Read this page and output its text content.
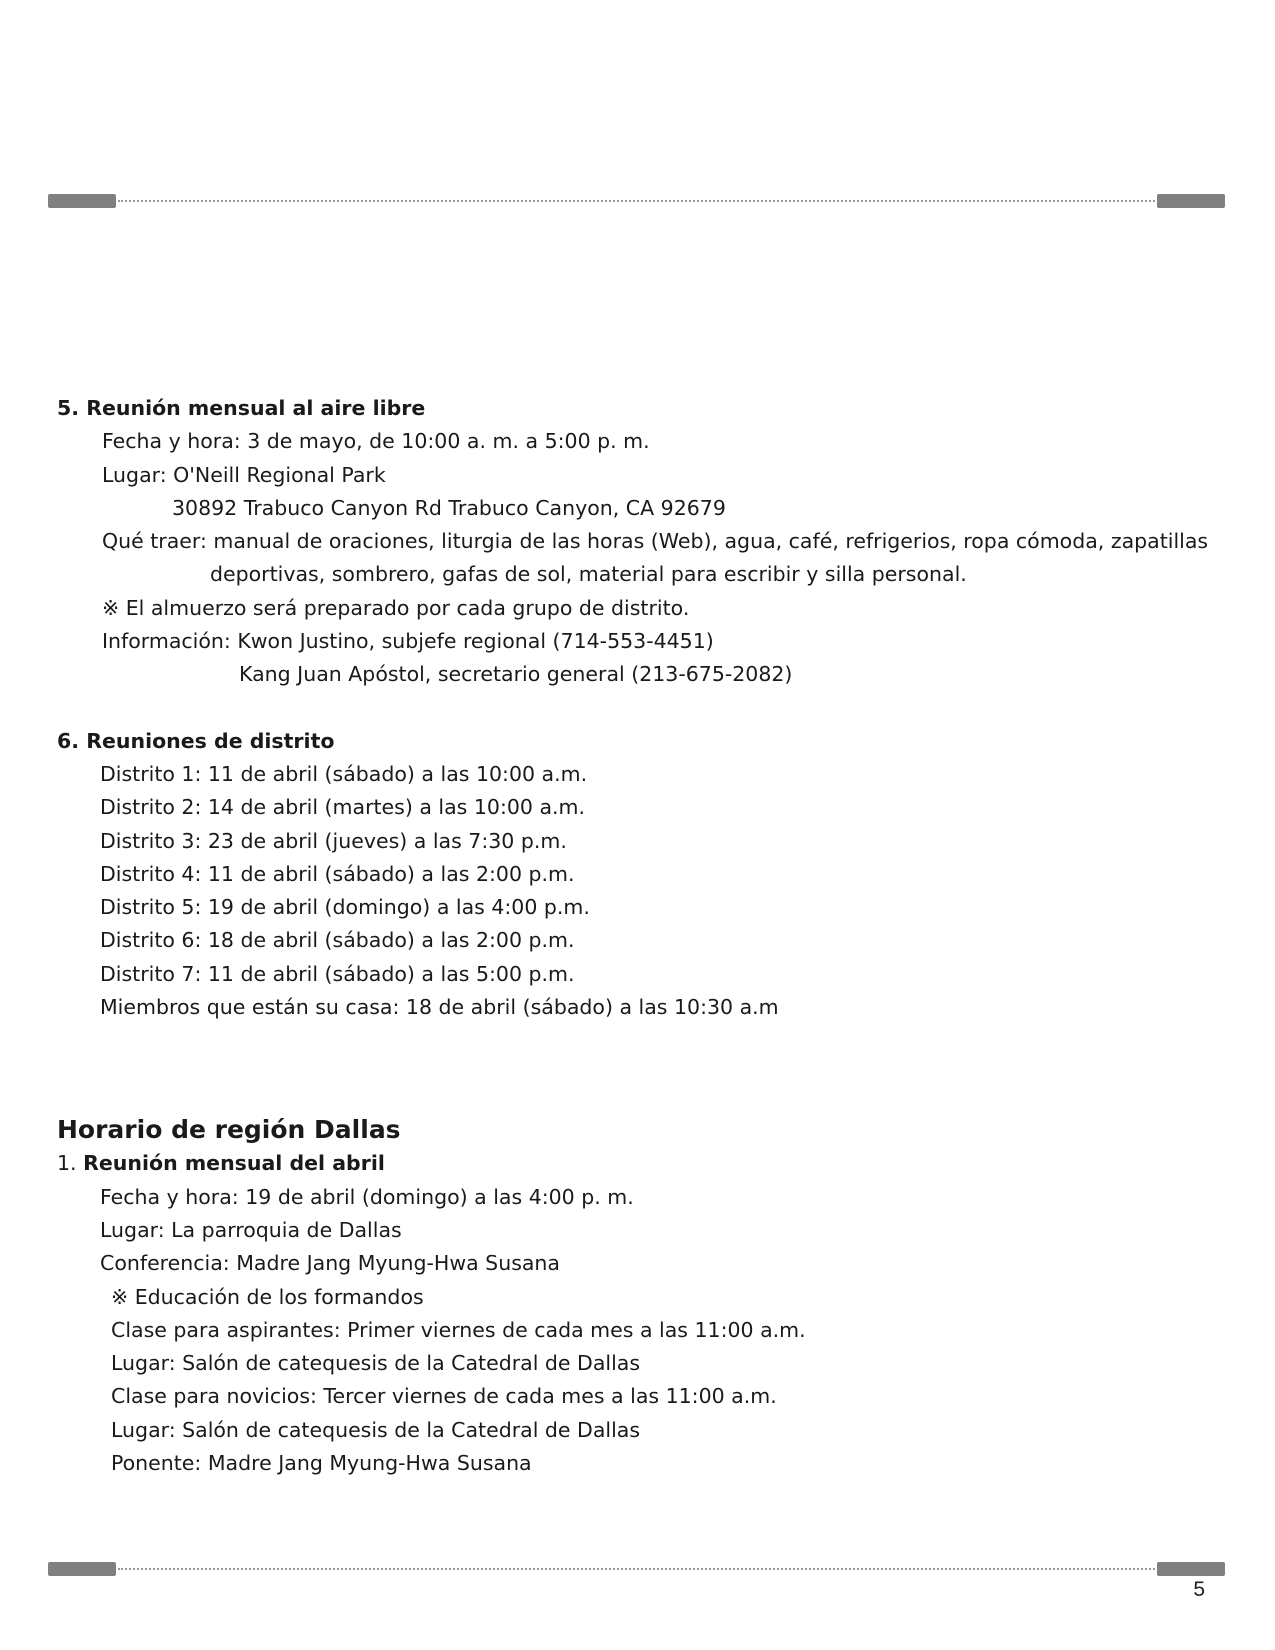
5. Reunión mensual al aire libre

Fecha y hora: 3 de mayo, de 10:00 a. m. a 5:00 p. m.

Lugar: O'Neill Regional Park

30892 Trabuco Canyon Rd Trabuco Canyon, CA 92679

Qué traer: manual de oraciones, liturgia de las horas (Web), agua, café, refrigerios, ropa cómoda, zapatillas

deportivas, sombrero, gafas de sol, material para escribir y silla personal.

※ El almuerzo será preparado por cada grupo de distrito.

Información: Kwon Justino, subjefe regional (714-553-4451)

Kang Juan Apóstol, secretario general (213-675-2082)

6. Reuniones de distrito

Distrito 1: 11 de abril (sábado) a las 10:00 a.m.

Distrito 2: 14 de abril (martes) a las 10:00 a.m.

Distrito 3: 23 de abril (jueves) a las 7:30 p.m.

Distrito 4: 11 de abril (sábado) a las 2:00 p.m.

Distrito 5: 19 de abril (domingo) a las 4:00 p.m.

Distrito 6: 18 de abril (sábado) a las 2:00 p.m.

Distrito 7: 11 de abril (sábado) a las 5:00 p.m.

Miembros que están su casa: 18 de abril (sábado) a las 10:30 a.m

Horario de región Dallas

1. Reunión mensual del abril

Fecha y hora: 19 de abril (domingo) a las 4:00 p. m.

Lugar: La parroquia de Dallas

Conferencia: Madre Jang Myung-Hwa Susana

※ Educación de los formandos

Clase para aspirantes: Primer viernes de cada mes a las 11:00 a.m.

Lugar: Salón de catequesis de la Catedral de Dallas

Clase para novicios: Tercer viernes de cada mes a las 11:00 a.m.

Lugar: Salón de catequesis de la Catedral de Dallas

Ponente: Madre Jang Myung-Hwa Susana

5
